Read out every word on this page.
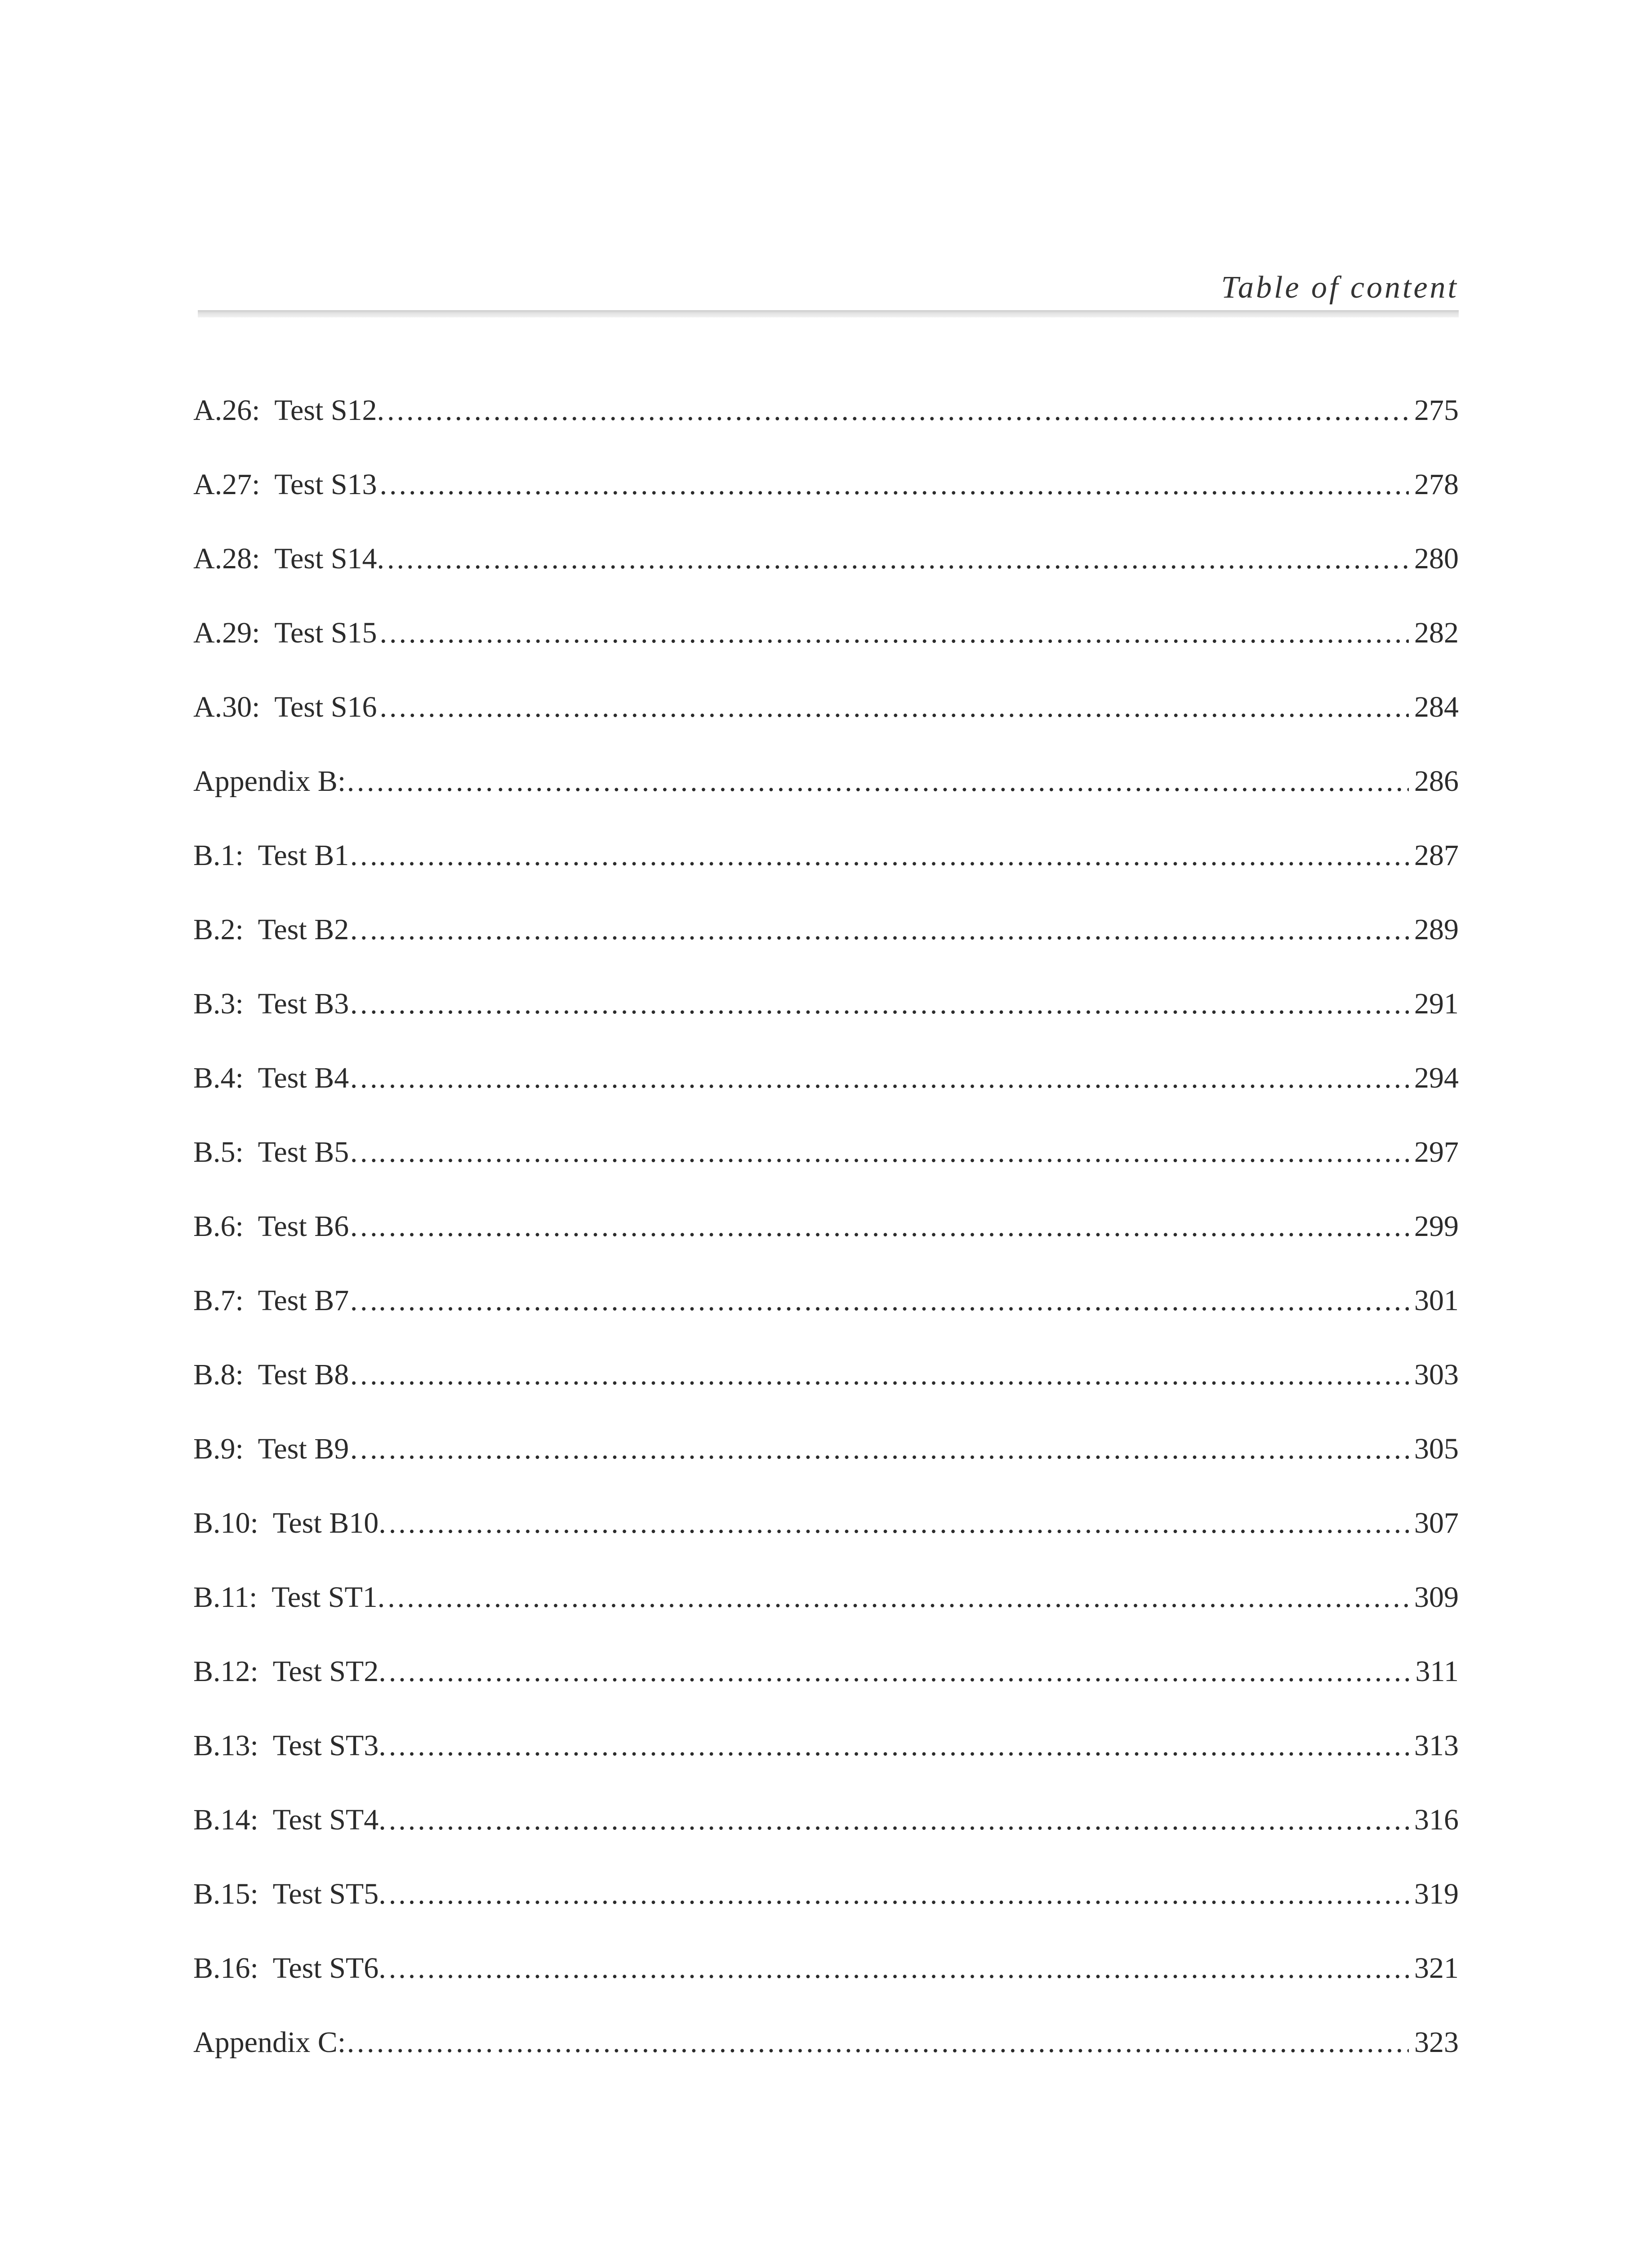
Table of content
A.26:  Test S12. .....	275
A.27:  Test S13 .....	278
A.28:  Test S14. .....	280
A.29:  Test S15 .....	282
A.30:  Test S16 .....	284
Appendix B:…………… .....	286
B.1:  Test B1…. .....	287
B.2:  Test B2…. .....	289
B.3:  Test B3…. .....	291
B.4:  Test B4…. .....	294
B.5:  Test B5…. .....	297
B.6:  Test B6…. .....	299
B.7:  Test B7…. .....	301
B.8:  Test B8…. .....	303
B.9:  Test B9…. .....	305
B.10:  Test B10. .....	307
B.11:  Test ST1. .....	309
B.12:  Test ST2. .....	311
B.13:  Test ST3. .....	313
B.14:  Test ST4. .....	316
B.15:  Test ST5. .....	319
B.16:  Test ST6. .....	321
Appendix C:…………… .....	323
